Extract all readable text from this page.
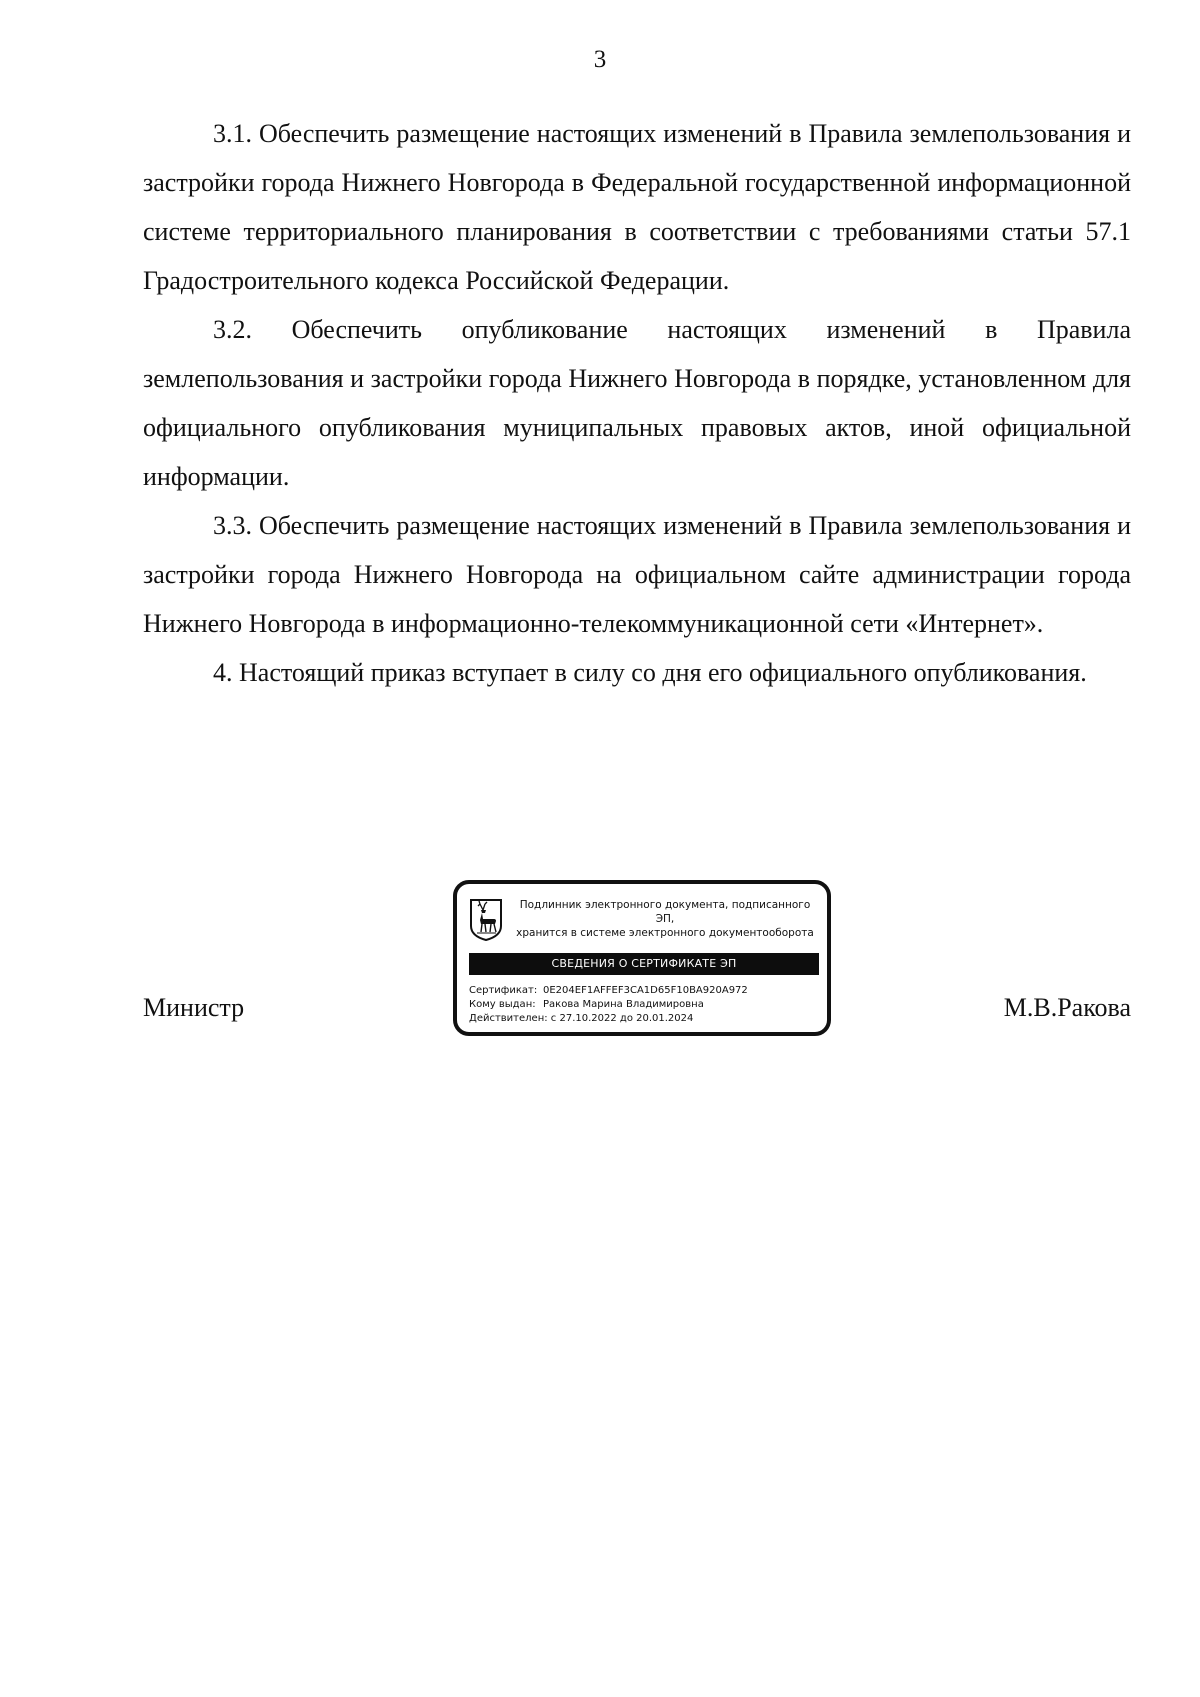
3

3.1. Обеспечить размещение настоящих изменений в Правила землепользования и застройки города Нижнего Новгорода в Федеральной государственной информационной системе территориального планирования в соответствии с требованиями статьи 57.1 Градостроительного кодекса Российской Федерации.

3.2. Обеспечить опубликование настоящих изменений в Правила землепользования и застройки города Нижнего Новгорода в порядке, установленном для официального опубликования муниципальных правовых актов, иной официальной информации.

3.3. Обеспечить размещение настоящих изменений в Правила землепользования и застройки города Нижнего Новгорода на официальном сайте администрации города Нижнего Новгорода в информационно-телекоммуникационной сети «Интернет».

4. Настоящий приказ вступает в силу со дня его официального опубликования.

Министр
Подлинник электронного документа, подписанного ЭП,
хранится в системе электронного документооборота
СВЕДЕНИЯ О СЕРТИФИКАТЕ ЭП
Сертификат: 0E204EF1AFFEF3CA1D65F10BA920A972
Кому выдан: Ракова Марина Владимировна
Действителен: с 27.10.2022 до 20.01.2024	М.В.Ракова
